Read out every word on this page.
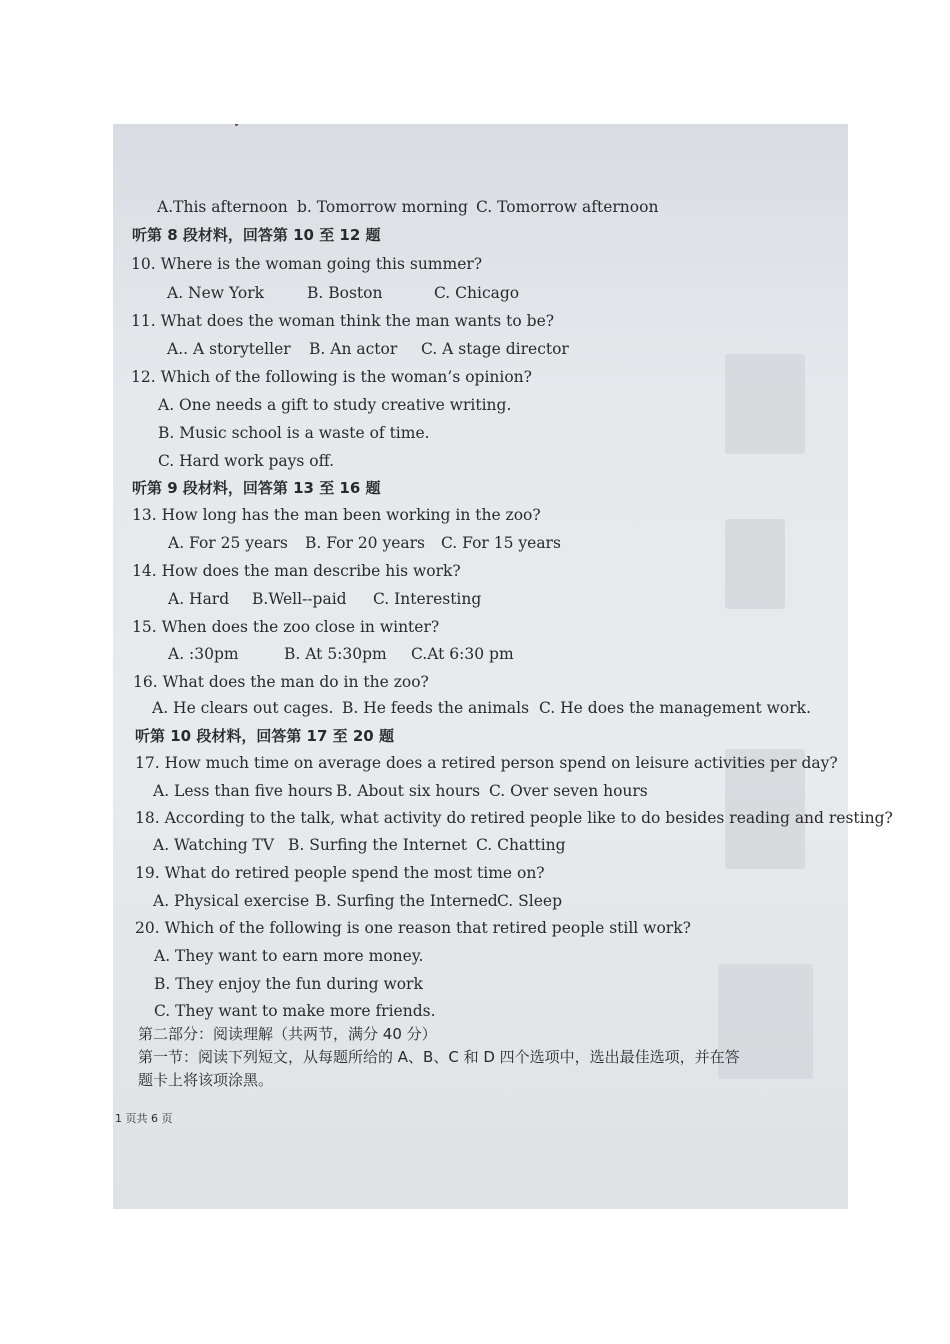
A.This afternoon b. Tomorrow morning C. Tomorrow afternoon
听第 8 段材料，回答第 10 至 12 题
10. Where is the woman going this summer?
A. New York	B. Boston	C. Chicago
11. What does the woman think the man wants to be?
A.. A storyteller B. An actor C. A stage director
12. Which of the following is the woman’s opinion?
A. One needs a gift to study creative writing.
B. Music school is a waste of time.
C. Hard work pays off.
听第 9 段材料，回答第 13 至 16 题
13. How long has the man been working in the zoo?
A. For 25 years B. For 20 years C. For 15 years
14. How does the man describe his work?
A. Hard B.Well--paid C. Interesting
15. When does the zoo close in winter?
A. :30pm	B. At 5:30pm C.At 6:30 pm
16. What does the man do in the zoo?
A. He clears out cages. B. He feeds the animals C. He does the management work.
听第 10 段材料，回答第 17 至 20 题
17. How much time on average does a retired person spend on leisure activities per day?
A. Less than five hours B. About six hours C. Over seven hours
18. According to the talk, what activity do retired people like to do besides reading and resting?
A. Watching TV B. Surfing the Internet C. Chatting
19. What do retired people spend the most time on?
A. Physical exercise B. Surfing the Interned C. Sleep
20. Which of the following is one reason that retired people still work?
A. They want to earn more money.
B. They enjoy the fun during work
C. They want to make more friends.
第二部分：阅读理解（共两节，满分 40 分）
第一节：阅读下列短文，从每题所给的 A、B、C 和 D 四个选项中，选出最佳选项，并在答
题卡上将该项涂黑。
1 页共 6 页
